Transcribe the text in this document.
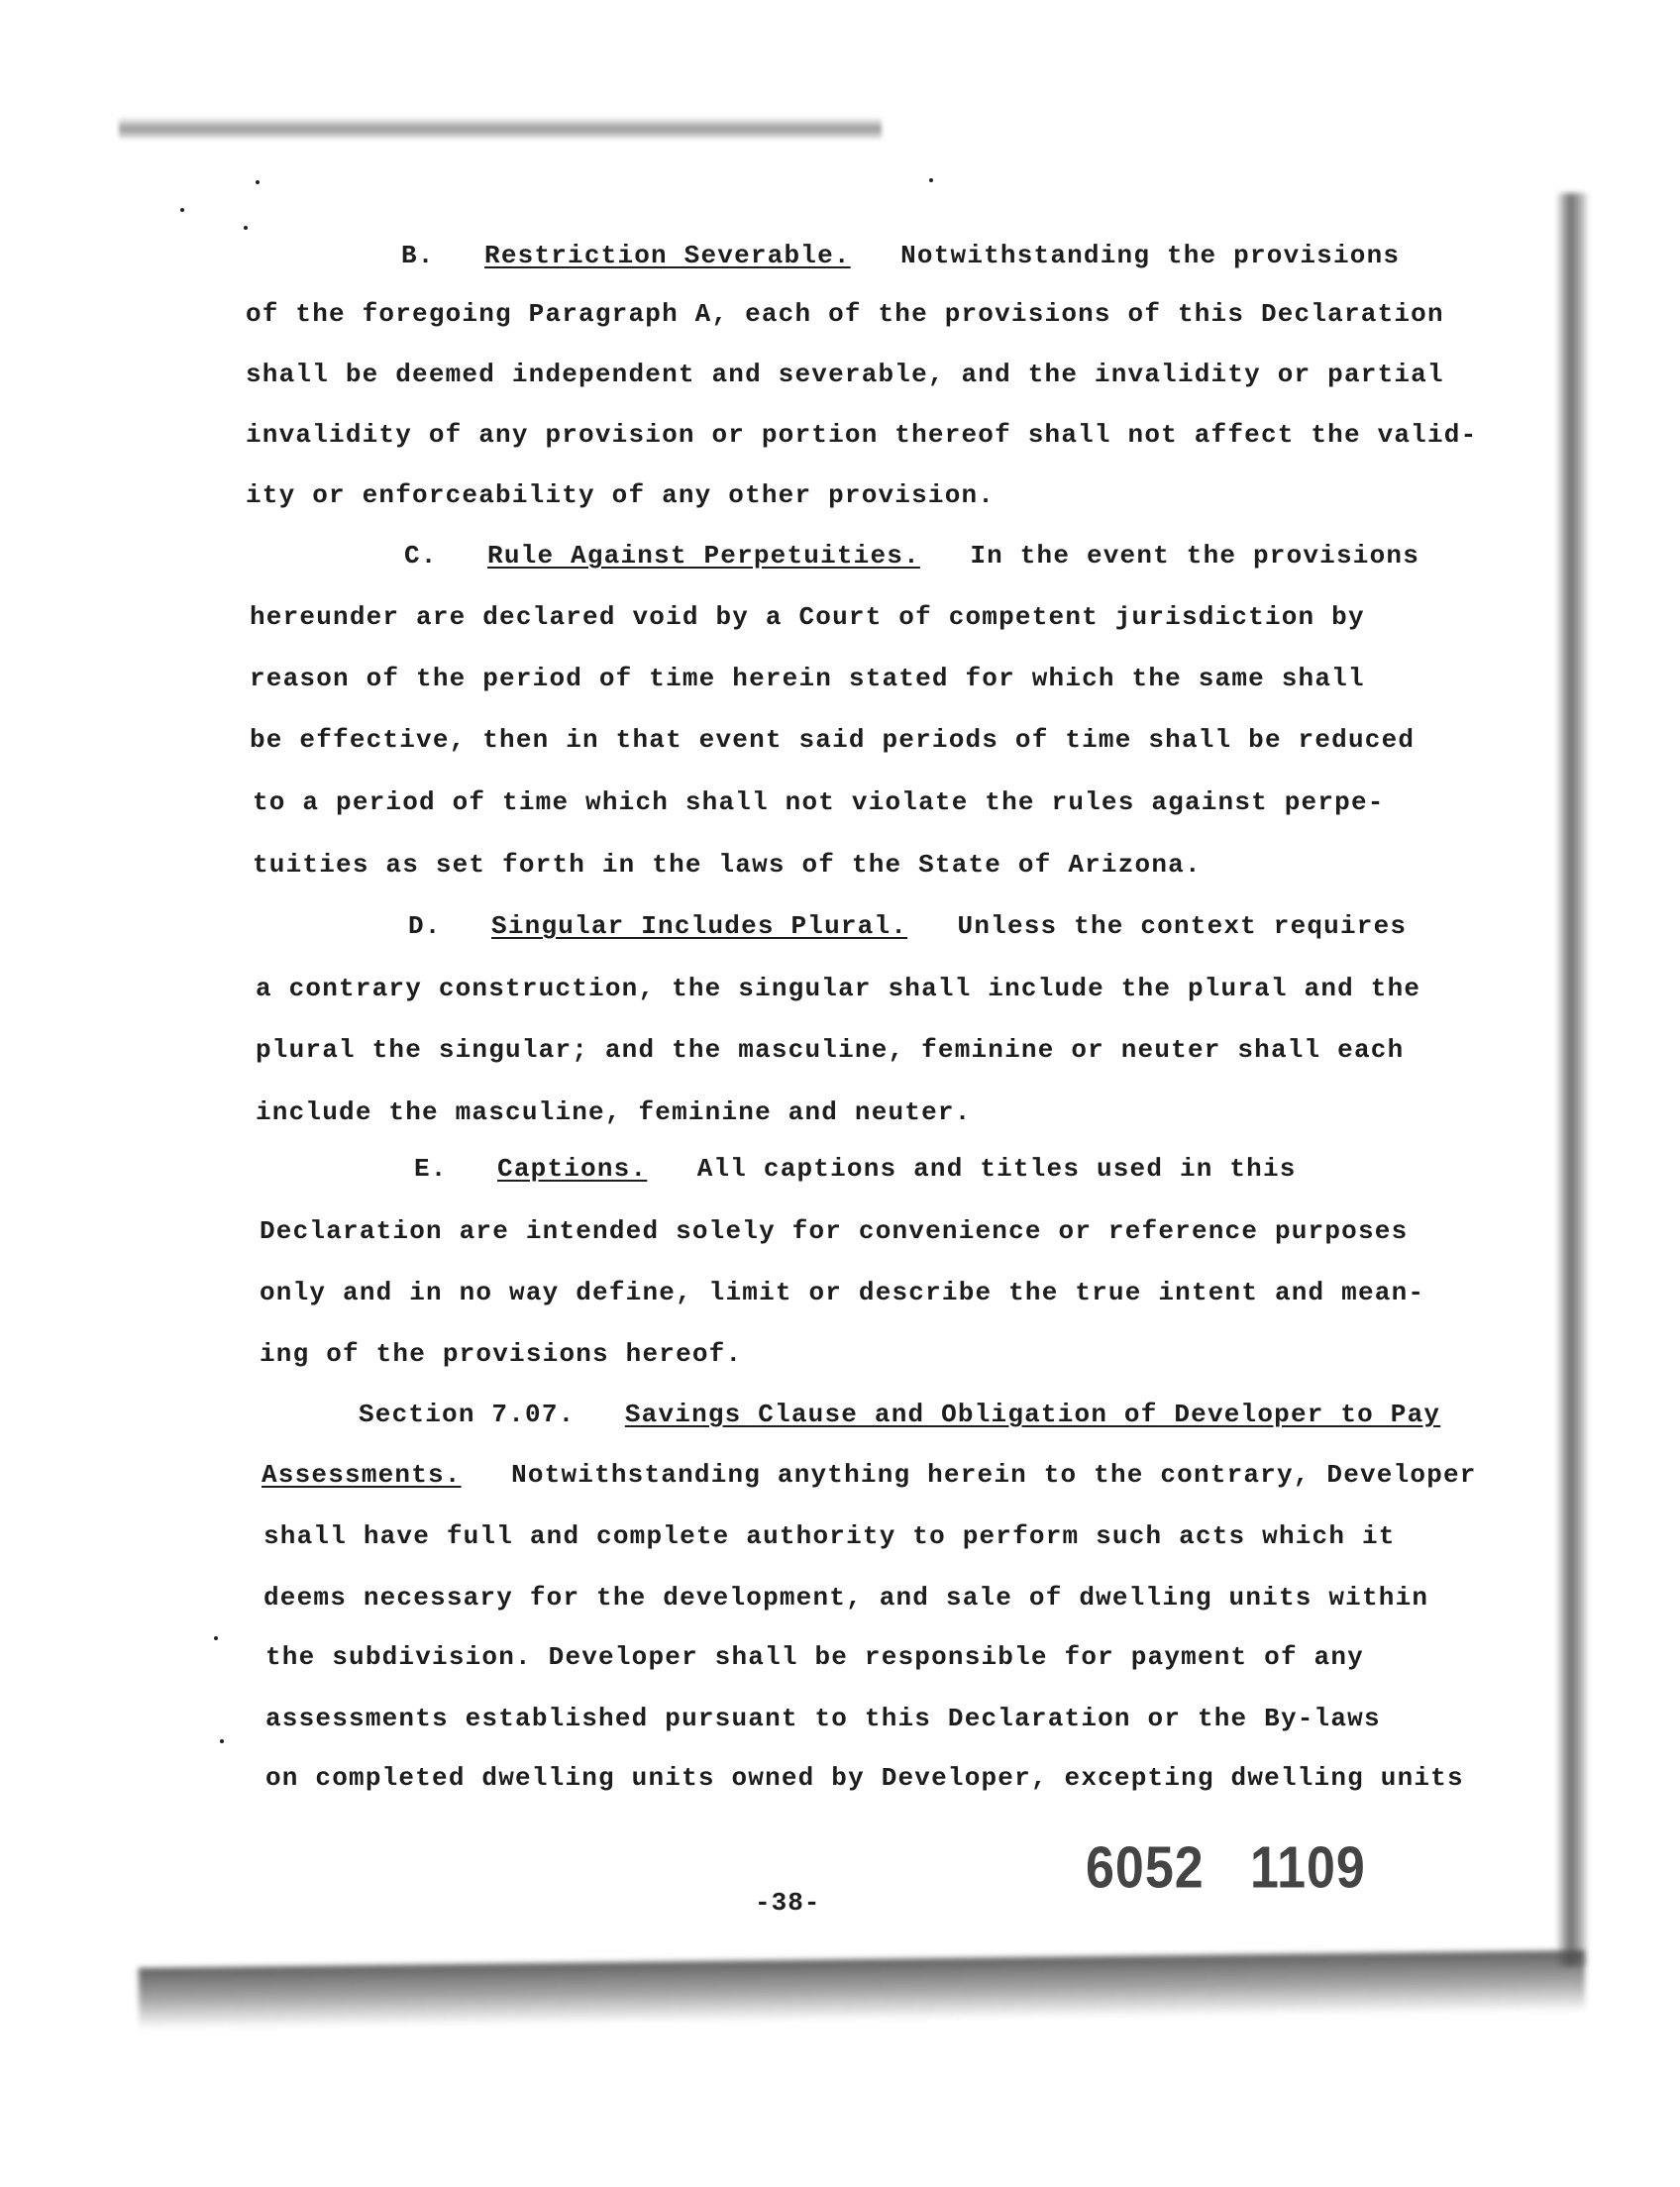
B. Restriction Severable. Notwithstanding the provisions
of the foregoing Paragraph A, each of the provisions of this Declaration
shall be deemed independent and severable, and the invalidity or partial
invalidity of any provision or portion thereof shall not affect the valid-
ity or enforceability of any other provision.
C. Rule Against Perpetuities. In the event the provisions
hereunder are declared void by a Court of competent jurisdiction by
reason of the period of time herein stated for which the same shall
be effective, then in that event said periods of time shall be reduced
to a period of time which shall not violate the rules against perpe-
tuities as set forth in the laws of the State of Arizona.
D. Singular Includes Plural. Unless the context requires
a contrary construction, the singular shall include the plural and the
plural the singular; and the masculine, feminine or neuter shall each
include the masculine, feminine and neuter.
E. Captions. All captions and titles used in this
Declaration are intended solely for convenience or reference purposes
only and in no way define, limit or describe the true intent and mean-
ing of the provisions hereof.
Section 7.07. Savings Clause and Obligation of Developer to Pay
Assessments. Notwithstanding anything herein to the contrary, Developer
shall have full and complete authority to perform such acts which it
deems necessary for the development, and sale of dwelling units within
the subdivision. Developer shall be responsible for payment of any
assessments established pursuant to this Declaration or the By-laws
on completed dwelling units owned by Developer, excepting dwelling units
-38-
6052   1109
